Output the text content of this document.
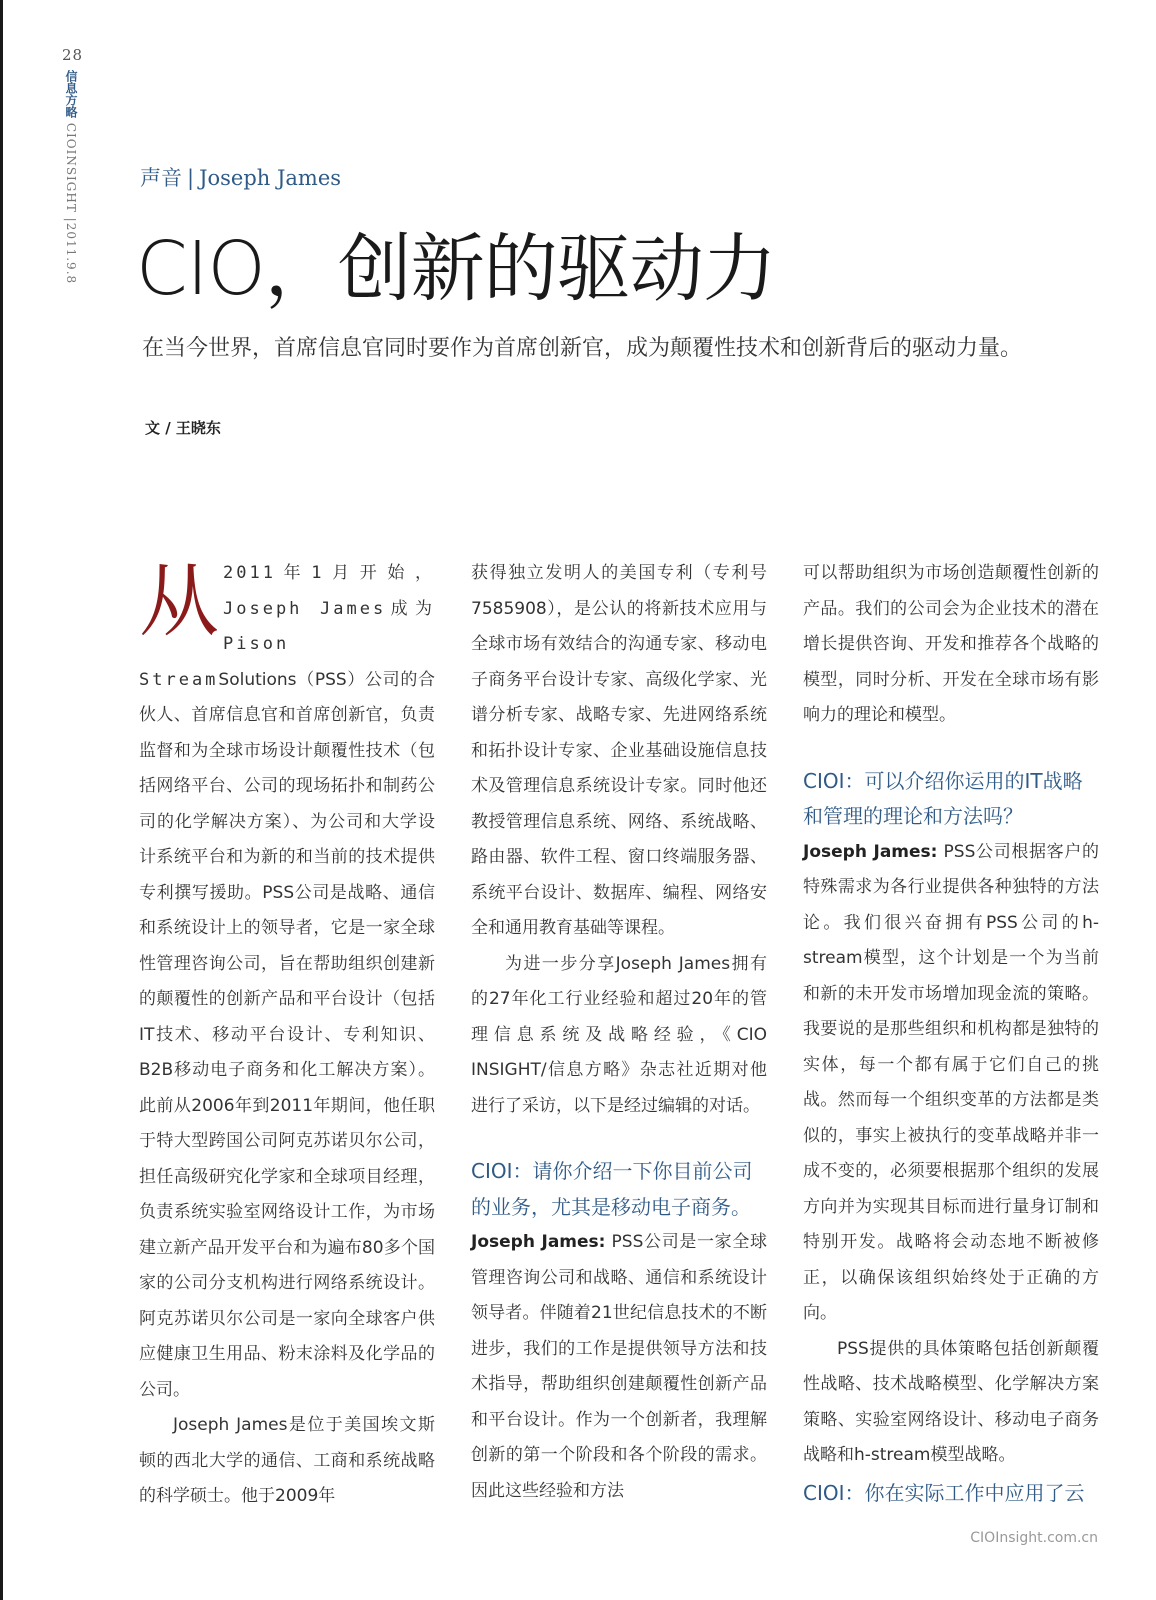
28
信息方略 CIOINSIGHT |2011.9.8	声音 | Joseph James
CIO，创新的驱动力
在当今世界，首席信息官同时要作为首席创新官，成为颠覆性技术和创新背后的驱动力量。
文 / 王晓东

从 2011年1月开始，Joseph James成为Pison StreamSolutions（PSS）公司的合伙人、首席信息官和首席创新官，负责监督和为全球市场设计颠覆性技术（包括网络平台、公司的现场拓扑和制药公司的化学解决方案）、为公司和大学设计系统平台和为新的和当前的技术提供专利撰写援助。PSS公司是战略、通信和系统设计上的领导者，它是一家全球性管理咨询公司，旨在帮助组织创建新的颠覆性的创新产品和平台设计（包括IT技术、移动平台设计、专利知识、B2B移动电子商务和化工解决方案）。此前从2006年到2011年期间，他任职于特大型跨国公司阿克苏诺贝尔公司，担任高级研究化学家和全球项目经理，负责系统实验室网络设计工作，为市场建立新产品开发平台和为遍布80多个国家的公司分支机构进行网络系统设计。阿克苏诺贝尔公司是一家向全球客户供应健康卫生用品、粉末涂料及化学品的公司。

Joseph James是位于美国埃文斯顿的西北大学的通信、工商和系统战略的科学硕士。他于2009年

获得独立发明人的美国专利（专利号7585908），是公认的将新技术应用与全球市场有效结合的沟通专家、移动电子商务平台设计专家、高级化学家、光谱分析专家、战略专家、先进网络系统和拓扑设计专家、企业基础设施信息技术及管理信息系统设计专家。同时他还教授管理信息系统、网络、系统战略、路由器、软件工程、窗口终端服务器、系统平台设计、数据库、编程、网络安全和通用教育基础等课程。

为进一步分享Joseph James拥有的27年化工行业经验和超过20年的管理信息系统及战略经验，《CIO INSIGHT/信息方略》杂志社近期对他进行了采访，以下是经过编辑的对话。

CIOI：请你介绍一下你目前公司的业务，尤其是移动电子商务。

Joseph James: PSS公司是一家全球管理咨询公司和战略、通信和系统设计领导者。伴随着21世纪信息技术的不断进步，我们的工作是提供领导方法和技术指导，帮助组织创建颠覆性创新产品和平台设计。作为一个创新者，我理解创新的第一个阶段和各个阶段的需求。因此这些经验和方法

可以帮助组织为市场创造颠覆性创新的产品。我们的公司会为企业技术的潜在增长提供咨询、开发和推荐各个战略的模型，同时分析、开发在全球市场有影响力的理论和模型。

CIOI：可以介绍你运用的IT战略和管理的理论和方法吗？

Joseph James: PSS公司根据客户的特殊需求为各行业提供各种独特的方法论。我们很兴奋拥有PSS公司的h-stream模型，这个计划是一个为当前和新的未开发市场增加现金流的策略。我要说的是那些组织和机构都是独特的实体，每一个都有属于它们自己的挑战。然而每一个组织变革的方法都是类似的，事实上被执行的变革战略并非一成不变的，必须要根据那个组织的发展方向并为实现其目标而进行量身订制和特别开发。战略将会动态地不断被修正，以确保该组织始终处于正确的方向。

PSS提供的具体策略包括创新颠覆性战略、技术战略模型、化学解决方案策略、实验室网络设计、移动电子商务战略和h-stream模型战略。

CIOI：你在实际工作中应用了云

CIOInsight.com.cn
